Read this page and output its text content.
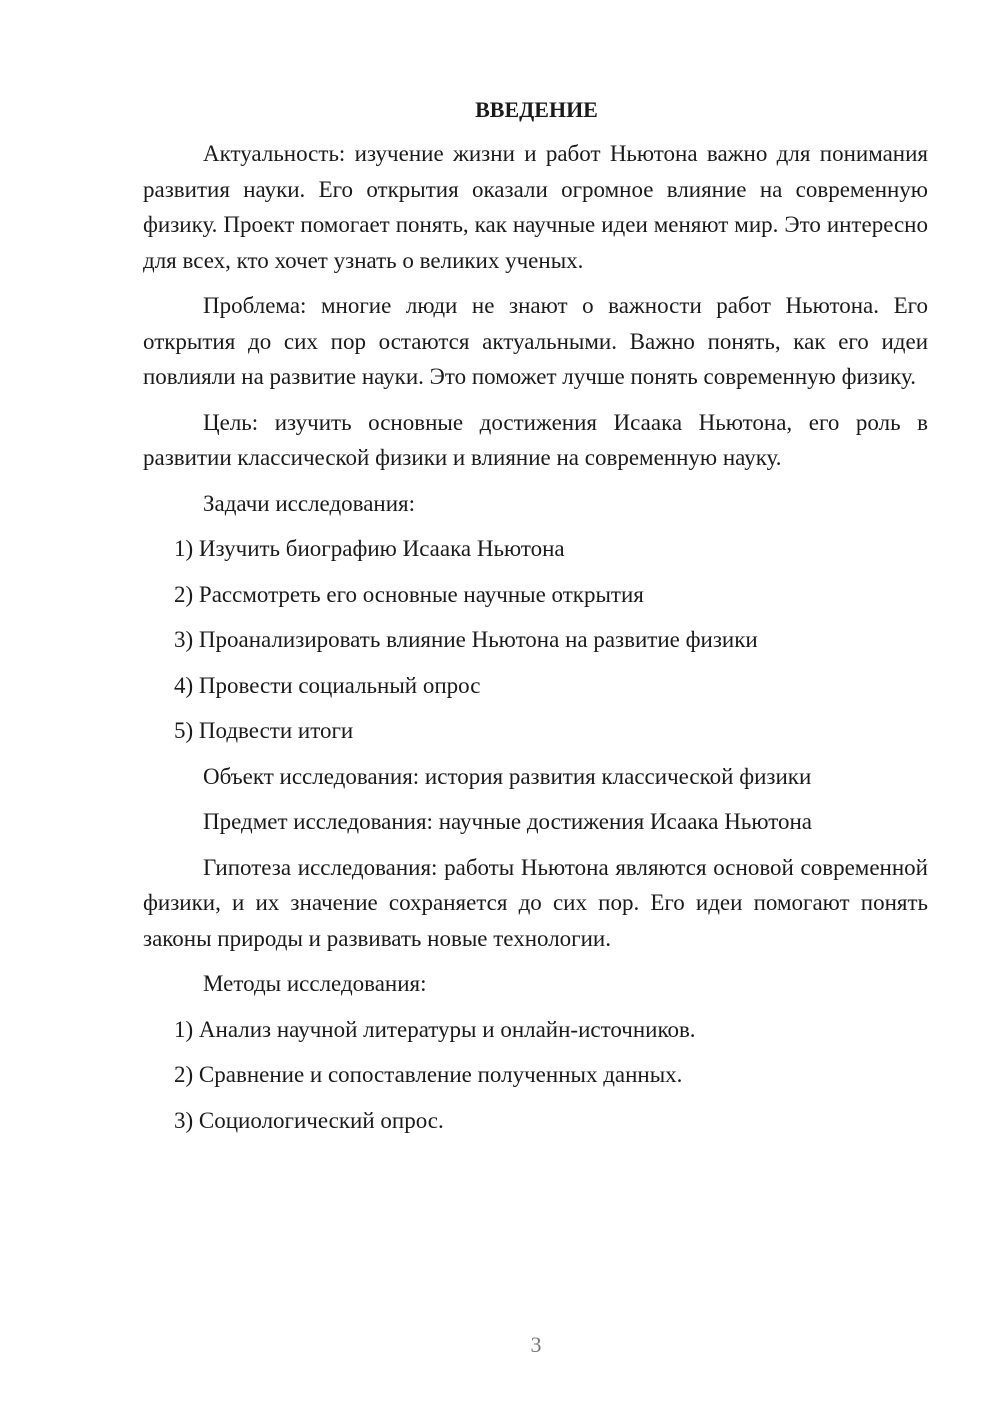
ВВЕДЕНИЕ

Актуальность: изучение жизни и работ Ньютона важно для понимания развития науки. Его открытия оказали огромное влияние на современную физику. Проект помогает понять, как научные идеи меняют мир. Это интересно для всех, кто хочет узнать о великих ученых.

Проблема: многие люди не знают о важности работ Ньютона. Его открытия до сих пор остаются актуальными. Важно понять, как его идеи повлияли на развитие науки. Это поможет лучше понять современную физику.

Цель: изучить основные достижения Исаака Ньютона, его роль в развитии классической физики и влияние на современную науку.

Задачи исследования:

1) Изучить биографию Исаака Ньютона
2) Рассмотреть его основные научные открытия
3) Проанализировать влияние Ньютона на развитие физики
4) Провести социальный опрос
5) Подвести итоги

Объект исследования: история развития классической физики

Предмет исследования: научные достижения Исаака Ньютона

Гипотеза исследования: работы Ньютона являются основой современной физики, и их значение сохраняется до сих пор. Его идеи помогают понять законы природы и развивать новые технологии.

Методы исследования:

1) Анализ научной литературы и онлайн-источников.
2) Сравнение и сопоставление полученных данных.
3) Социологический опрос.
3
